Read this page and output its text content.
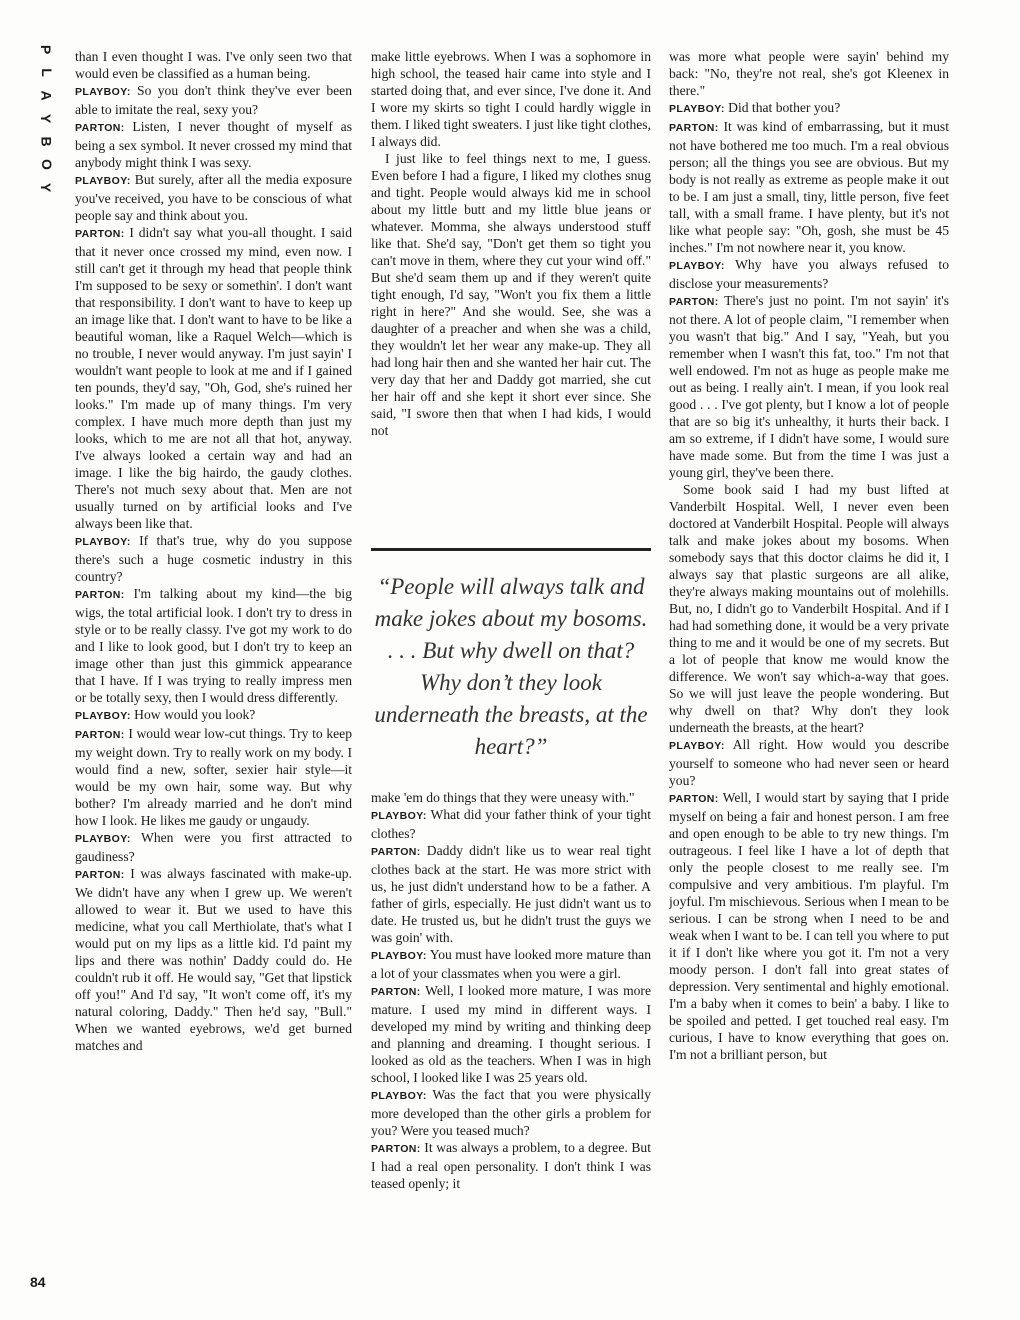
P
L
A
Y
B
O
Y

than I even thought I was. I've only seen two that would even be classified as a human being.

PLAYBOY: So you don't think they've ever been able to imitate the real, sexy you?

PARTON: Listen, I never thought of myself as being a sex symbol. It never crossed my mind that anybody might think I was sexy.

PLAYBOY: But surely, after all the media exposure you've received, you have to be conscious of what people say and think about you.

PARTON: I didn't say what you-all thought. I said that it never once crossed my mind, even now. I still can't get it through my head that people think I'm supposed to be sexy or somethin'. I don't want that responsibility. I don't want to have to keep up an image like that. I don't want to have to be like a beautiful woman, like a Raquel Welch—which is no trouble, I never would anyway. I'm just sayin' I wouldn't want people to look at me and if I gained ten pounds, they'd say, "Oh, God, she's ruined her looks." I'm made up of many things. I'm very complex. I have much more depth than just my looks, which to me are not all that hot, anyway. I've always looked a certain way and had an image. I like the big hairdo, the gaudy clothes. There's not much sexy about that. Men are not usually turned on by artificial looks and I've always been like that.

PLAYBOY: If that's true, why do you suppose there's such a huge cosmetic industry in this country?

PARTON: I'm talking about my kind—the big wigs, the total artificial look. I don't try to dress in style or to be really classy. I've got my work to do and I like to look good, but I don't try to keep an image other than just this gimmick appearance that I have. If I was trying to really impress men or be totally sexy, then I would dress differently.

PLAYBOY: How would you look?

PARTON: I would wear low-cut things. Try to keep my weight down. Try to really work on my body. I would find a new, softer, sexier hair style—it would be my own hair, some way. But why bother? I'm already married and he don't mind how I look. He likes me gaudy or ungaudy.

PLAYBOY: When were you first attracted to gaudiness?

PARTON: I was always fascinated with make-up. We didn't have any when I grew up. We weren't allowed to wear it. But we used to have this medicine, what you call Merthiolate, that's what I would put on my lips as a little kid. I'd paint my lips and there was nothin' Daddy could do. He couldn't rub it off. He would say, "Get that lipstick off you!" And I'd say, "It won't come off, it's my natural coloring, Daddy." Then he'd say, "Bull." When we wanted eyebrows, we'd get burned matches and

make little eyebrows. When I was a sophomore in high school, the teased hair came into style and I started doing that, and ever since, I've done it. And I wore my skirts so tight I could hardly wiggle in them. I liked tight sweaters. I just like tight clothes, I always did.

I just like to feel things next to me, I guess. Even before I had a figure, I liked my clothes snug and tight. People would always kid me in school about my little butt and my little blue jeans or whatever. Momma, she always understood stuff like that. She'd say, "Don't get them so tight you can't move in them, where they cut your wind off." But she'd seam them up and if they weren't quite tight enough, I'd say, "Won't you fix them a little right in here?" And she would. See, she was a daughter of a preacher and when she was a child, they wouldn't let her wear any make-up. They all had long hair then and she wanted her hair cut. The very day that her and Daddy got married, she cut her hair off and she kept it short ever since. She said, "I swore then that when I had kids, I would not

“People will always talk and make jokes about my bosoms. . . . But why dwell on that? Why don’t they look underneath the breasts, at the heart?”

make 'em do things that they were uneasy with."

PLAYBOY: What did your father think of your tight clothes?

PARTON: Daddy didn't like us to wear real tight clothes back at the start. He was more strict with us, he just didn't understand how to be a father. A father of girls, especially. He just didn't want us to date. He trusted us, but he didn't trust the guys we was goin' with.

PLAYBOY: You must have looked more mature than a lot of your classmates when you were a girl.

PARTON: Well, I looked more mature, I was more mature. I used my mind in different ways. I developed my mind by writing and thinking deep and planning and dreaming. I thought serious. I looked as old as the teachers. When I was in high school, I looked like I was 25 years old.

PLAYBOY: Was the fact that you were physically more developed than the other girls a problem for you? Were you teased much?

PARTON: It was always a problem, to a degree. But I had a real open personality. I don't think I was teased openly; it

was more what people were sayin' behind my back: "No, they're not real, she's got Kleenex in there."

PLAYBOY: Did that bother you?

PARTON: It was kind of embarrassing, but it must not have bothered me too much. I'm a real obvious person; all the things you see are obvious. But my body is not really as extreme as people make it out to be. I am just a small, tiny, little person, five feet tall, with a small frame. I have plenty, but it's not like what people say: "Oh, gosh, she must be 45 inches." I'm not nowhere near it, you know.

PLAYBOY: Why have you always refused to disclose your measurements?

PARTON: There's just no point. I'm not sayin' it's not there. A lot of people claim, "I remember when you wasn't that big." And I say, "Yeah, but you remember when I wasn't this fat, too." I'm not that well endowed. I'm not as huge as people make me out as being. I really ain't. I mean, if you look real good . . . I've got plenty, but I know a lot of people that are so big it's unhealthy, it hurts their back. I am so extreme, if I didn't have some, I would sure have made some. But from the time I was just a young girl, they've been there.

Some book said I had my bust lifted at Vanderbilt Hospital. Well, I never even been doctored at Vanderbilt Hospital. People will always talk and make jokes about my bosoms. When somebody says that this doctor claims he did it, I always say that plastic surgeons are all alike, they're always making mountains out of molehills. But, no, I didn't go to Vanderbilt Hospital. And if I had had something done, it would be a very private thing to me and it would be one of my secrets. But a lot of people that know me would know the difference. We won't say which-a-way that goes. So we will just leave the people wondering. But why dwell on that? Why don't they look underneath the breasts, at the heart?

PLAYBOY: All right. How would you describe yourself to someone who had never seen or heard you?

PARTON: Well, I would start by saying that I pride myself on being a fair and honest person. I am free and open enough to be able to try new things. I'm outrageous. I feel like I have a lot of depth that only the people closest to me really see. I'm compulsive and very ambitious. I'm playful. I'm joyful. I'm mischievous. Serious when I mean to be serious. I can be strong when I need to be and weak when I want to be. I can tell you where to put it if I don't like where you got it. I'm not a very moody person. I don't fall into great states of depression. Very sentimental and highly emotional. I'm a baby when it comes to bein' a baby. I like to be spoiled and petted. I get touched real easy. I'm curious, I have to know everything that goes on. I'm not a brilliant person, but

84
